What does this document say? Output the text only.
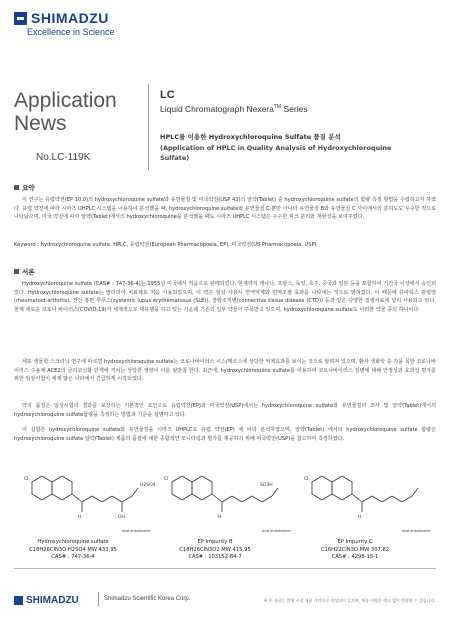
SHIMADZU
Excellence in Science
Application
News
No.LC-119K
LC
Liquid Chromatograph Nexera™ Series
HPLC를 이용한 Hydroxychloroquine Sulfate 품질 분석
(Application of HPLC in Quality Analysis of Hydroxychloroquine Sulfate)
요약
이 연구는 유럽약전(EP 10.0)의 hydroxychloroquine sulfate와 유연물질 및 미국약전(USP 43)의 알약(Tablet) 중 hydroxychloroquine sulfate의 함량 측정 방법을 수립하고자 하였다. 유럽 약전에 따라 시마즈 UHPLC 시스템을 이용하여 분석했을 때, hydroxychloroquine sulfate와 유연물질 C 뿐만 아니라 유연물질 B와 유연물질 C 사이에서의 분리도도 우수한 것으로 나타났으며, 미국 약전에 따라 알약(Tablet)에서의 hydroxychloroquine을 분석했을 때도 시마즈 UHPLC 시스템은 우수한 피크 분리와 재현성을 보여주었다.
Keyword : hydroxychloroquine sulfate, HPLC, 유럽약전(European Pharmacopoeia, EP), 미국약전(US Pharmacopoeia, USP)
서론
Hydroxychloroquine sulfate (CAS# : 747-36-4)는 1955년 미국에서 처음으로 판매되었다. 현재까지 캐나다, 프랑스, 독일, 호주, 중국과 일본 등을 포함하여 기거국 이상에서 승인되었다. Hydroxychloroquine sulfate는 말라리아 치료제로 처음 사용되었으며, 이 약은 임상 사용시 면역억제와 면역조절 효과를 나타내는 것으로 밝혀졌다. 이 때문에 류마티스 관절염(rheumatoid arthritis), 전신 홍반 루푸스(systemic lupus erythematosus (SLE)), 결합조직병(connective tissue disease (CTD)) 등과 같은 다양한 질병치료에 널리 사용되고 있다. 현재 새로운 코로나 바이러스(COVID-19)가 세계적으로 대유행을 하고 있는 가운데 기존의 일부 약물이 주목받고 있으며, hydroxychloroquine sulfate도 이러한 약물 중의 하나이다.
세포 생물학 스크리닝 연구에 따르면 hydroxychloroquine sulfate는 코로나바이러스 시스/메르스에 상당한 억제효과를 보이는 것으로 알려져 있으며, 환자 생화학 층 가을 목한 코로나바이러스 수용체 ACE2의 글리코실화 단계에 끼치는 상당한 영향이 이를 뒷받침 한다. 최근에, hydroxychloroquine sulfate를 이용하여 코로나바이러스 질병에 대해 안정성과 효과성 평가를 위한 임상시험이 세계 많은 나라에서 긴급하게 시작되었다.
약의 품질은 임상시험의 결과를 보장하는 기본적인 요인으로 유럽약전(EP)과 미국약전(USP)에서는 hydroxychloroquine sulfate와 유연물질의 조사 및 알약(Tablet)에서의 hydroxychloroquine sulfate함량을 측정하는 방법과 기준을 설명하고 있다.
이 실험은 hydroxychloroquine sulfate와 유연물질을 시마즈 UHPLC로 유럽 약전(EP) 에 따라 분석하였으며, 알약(Tablet) 에서의 hydroxychloroquine sulfate 함량은 hydroxychloroquine sulfate 알약(Tablet) 제품의 품질에 대한 종합적인 모니터링과 평가를 제공하기 위해 미국약전(USP)을 참고하여 측정하였다.
Cl	Cl	Cl
H	OH	H	H
H2SO4	SO3H
And enantiomer	And enantiomer	And enantiomer
Hydroxychloroquine sulfate
C18H26ClN3O·H2SO4 MW 433.95
CAS# : 747-36-4
EP Impurity B
C18H26ClN3O2 MW 415.95
CAS# : 103152-84-7
EP Impurity C
C16H22ClN3O MW 307.82
CAS# : 4298-15-1
SHIMADZU	Shimadzu Scientific Korea Corp.	※ 본 자료는 발행 시점 제품 기반으로 작성되어 있으며, 제품 사양은 예고 없이 변경될 수 있습니다.
